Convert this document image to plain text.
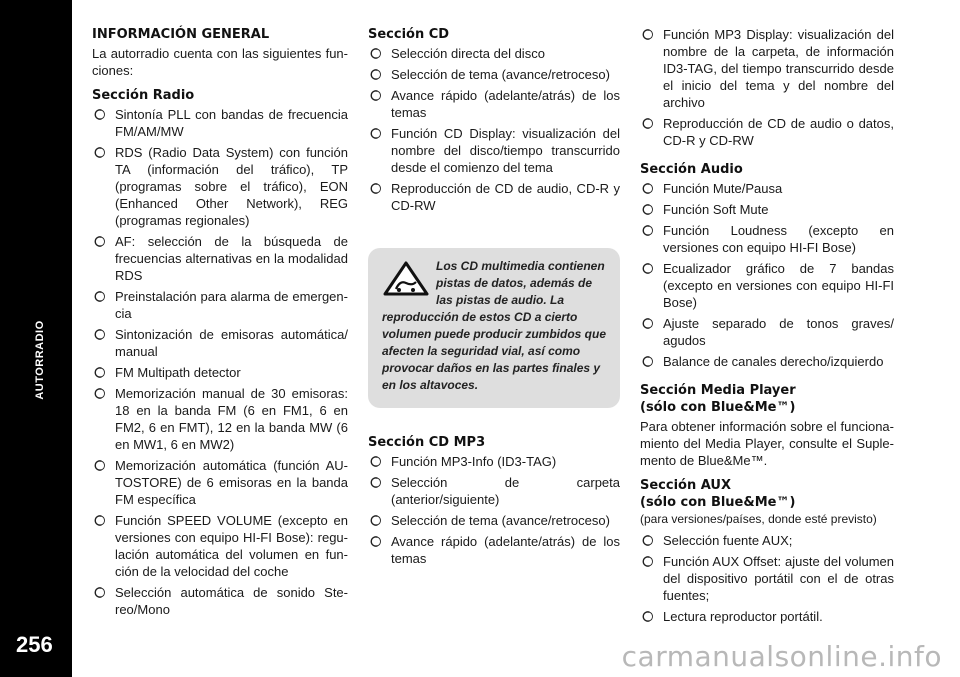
AUTORRADIO
256
INFORMACIÓN GENERAL
La autorradio cuenta con las siguientes funciones:
Sección Radio
Sintonía PLL con bandas de frecuencia FM/AM/MW
RDS (Radio Data System) con función TA (información del tráfico), TP (programas sobre el tráfico), EON (Enhanced Other Network), REG (programas regionales)
AF: selección de la búsqueda de frecuencias alternativas en la modalidad RDS
Preinstalación para alarma de emergencia
Sintonización de emisoras automática/ manual
FM Multipath detector
Memorización manual de 30 emisoras: 18 en la banda FM (6 en FM1, 6 en FM2, 6 en FMT), 12 en la banda MW (6 en MW1, 6 en MW2)
Memorización automática (función AUTOSTORE) de 6 emisoras en la banda FM específica
Función SPEED VOLUME (excepto en versiones con equipo HI-FI Bose): regulación automática del volumen en función de la velocidad del coche
Selección automática de sonido Stereo/Mono
Sección CD
Selección directa del disco
Selección de tema (avance/retroceso)
Avance rápido (adelante/atrás) de los temas
Función CD Display: visualización del nombre del disco/tiempo transcurrido desde el comienzo del tema
Reproducción de CD de audio, CD-R y CD-RW
Los CD multimedia contienen pistas de datos, además de las pistas de audio. La reproducción de estos CD a cierto volumen puede producir zumbidos que afecten la seguridad vial, así como provocar daños en las partes finales y en los altavoces.
Sección CD MP3
Función MP3-Info (ID3-TAG)
Selección de carpeta (anterior/siguiente)
Selección de tema (avance/retroceso)
Avance rápido (adelante/atrás) de los temas
Función MP3 Display: visualización del nombre de la carpeta, de información ID3-TAG, del tiempo transcurrido desde el inicio del tema y del nombre del archivo
Reproducción de CD de audio o datos, CD-R y CD-RW
Sección Audio
Función Mute/Pausa
Función Soft Mute
Función Loudness (excepto en versiones con equipo HI-FI Bose)
Ecualizador gráfico de 7 bandas (excepto en versiones con equipo HI-FI Bose)
Ajuste separado de tonos graves/ agudos
Balance de canales derecho/izquierdo
Sección Media Player
(sólo con Blue&Me™)
Para obtener información sobre el funcionamiento del Media Player, consulte el Suplemento de Blue&Me™.
Sección AUX
(sólo con Blue&Me™)
(para versiones/países, donde esté previsto)
Selección fuente AUX;
Función AUX Offset: ajuste del volumen del dispositivo portátil con el de otras fuentes;
Lectura reproductor portátil.
carmanualsonline.info
